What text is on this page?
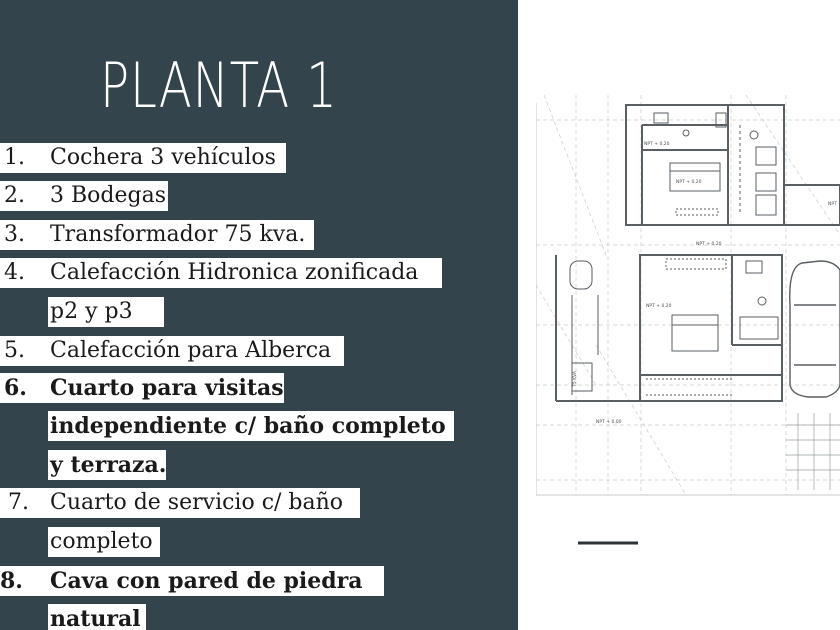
PLANTA 1
1. Cochera 3 vehículos
2. 3 Bodegas
3. Transformador 75 kva.
4. Calefacción Hidronica zonificada
p2 y p3
5. Calefacción para Alberca
6. Cuarto para visitas
independiente c/ baño completo
y terraza.
7. Cuarto de servicio c/ baño
completo
8. Cava con pared de piedra
natural
NPT + 0.20
NPT + 0.20
NPT + 0.20
NPT + 0.20
NPT + 0.00
75 KVA
NPT
